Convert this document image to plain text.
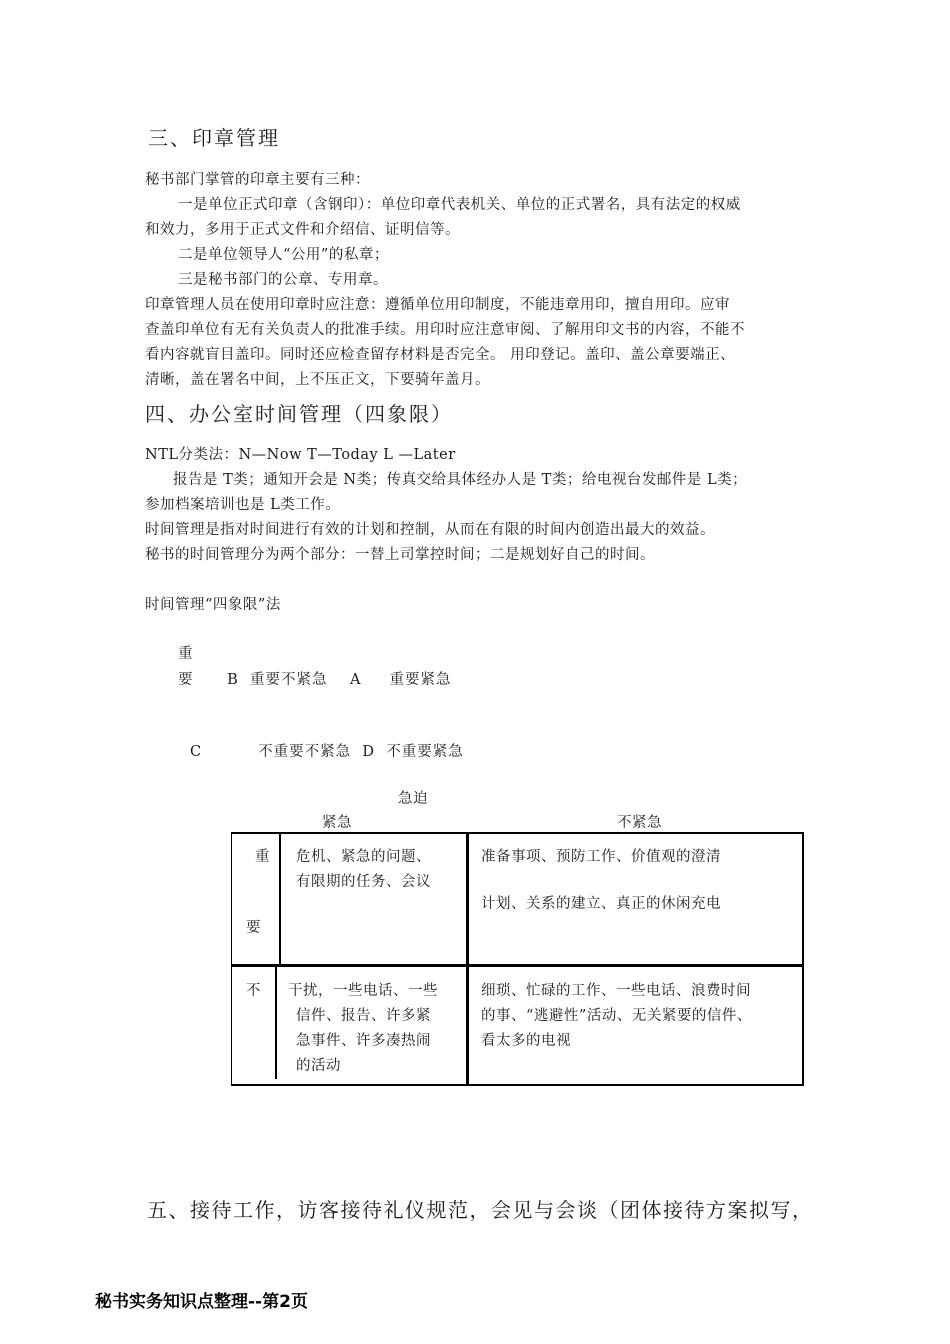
三、印章管理
秘书部门掌管的印章主要有三种：
一是单位正式印章（含钢印）：单位印章代表机关、单位的正式署名，具有法定的权威
和效力，多用于正式文件和介绍信、证明信等。
二是单位领导人“公用”的私章；
三是秘书部门的公章、专用章。
印章管理人员在使用印章时应注意：遵循单位用印制度，不能违章用印，擅自用印。应审
查盖印单位有无有关负责人的批准手续。用印时应注意审阅、了解用印文书的内容，不能不
看内容就盲目盖印。同时还应检查留存材料是否完全。 用印登记。盖印、盖公章要端正、
清晰，盖在署名中间，上不压正文，下要骑年盖月。
四、办公室时间管理（四象限）
NTL分类法：N—Now T—Today L —Later
报告是 T类；通知开会是 N类；传真交给具体经办人是 T类；给电视台发邮件是 L类；
参加档案培训也是 L类工作。
时间管理是指对时间进行有效的计划和控制，从而在有限的时间内创造出最大的效益。
秘书的时间管理分为两个部分：一替上司掌控时间；二是规划好自己的时间。
时间管理“四象限”法
重
要      B  重要不紧急    A     重要紧急
C          不重要不紧急  D  不重要紧急
急迫
紧急	不紧急
重
要
不
危机、紧急的问题、
有限期的任务、会议
准备事项、预防工作、价值观的澄清
计划、关系的建立、真正的休闲充电
干扰，一些电话、一些
信件、报告、许多紧
急事件、许多凑热闹
的活动
细琐、忙碌的工作、一些电话、浪费时间
的事、“逃避性”活动、无关紧要的信件、
看太多的电视
五、接待工作，访客接待礼仪规范，会见与会谈（团体接待方案拟写，
秘书实务知识点整理--第2页
